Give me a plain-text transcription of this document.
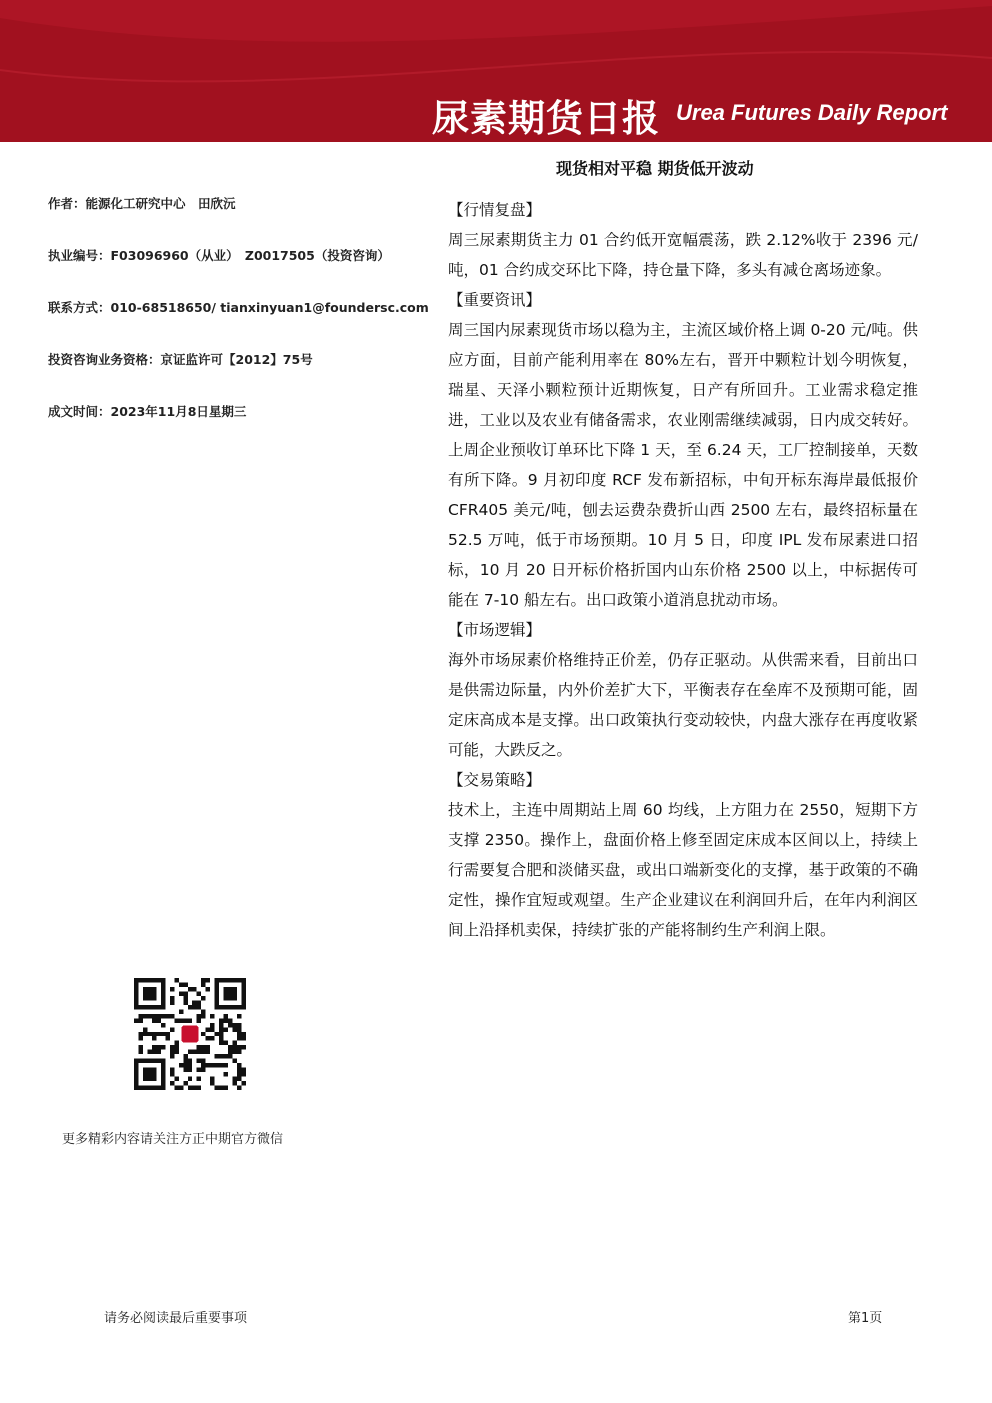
尿素期货日报 Urea Futures Daily Report
现货相对平稳 期货低开波动
作者：能源化工研究中心　田欣沅
执业编号：F03096960（从业）　Z0017505（投资咨询）
联系方式：010-68518650/ tianxinyuan1@foundersc.com
投资咨询业务资格：京证监许可【2012】75号
成文时间：2023年11月8日星期三
【行情复盘】
周三尿素期货主力 01 合约低开宽幅震荡，跌 2.12%收于 2396 元/吨，01 合约成交环比下降，持仓量下降，多头有减仓离场迹象。
【重要资讯】
周三国内尿素现货市场以稳为主，主流区域价格上调 0-20 元/吨。供应方面，目前产能利用率在 80%左右，晋开中颗粒计划今明恢复，瑞星、天泽小颗粒预计近期恢复，日产有所回升。工业需求稳定推进，工业以及农业有储备需求，农业刚需继续减弱，日内成交转好。上周企业预收订单环比下降 1 天，至 6.24 天，工厂控制接单，天数有所下降。9 月初印度 RCF 发布新招标，中旬开标东海岸最低报价 CFR405 美元/吨，刨去运费杂费折山西 2500 左右，最终招标量在 52.5 万吨，低于市场预期。10 月 5 日，印度 IPL 发布尿素进口招标，10 月 20 日开标价格折国内山东价格 2500 以上，中标据传可能在 7-10 船左右。出口政策小道消息扰动市场。
【市场逻辑】
海外市场尿素价格维持正价差，仍存正驱动。从供需来看，目前出口是供需边际量，内外价差扩大下，平衡表存在垒库不及预期可能，固定床高成本是支撑。出口政策执行变动较快，内盘大涨存在再度收紧可能，大跌反之。
【交易策略】
技术上，主连中周期站上周 60 均线，上方阻力在 2550，短期下方支撑 2350。操作上，盘面价格上修至固定床成本区间以上，持续上行需要复合肥和淡储买盘，或出口端新变化的支撑，基于政策的不确定性，操作宜短或观望。生产企业建议在利润回升后，在年内利润区间上沿择机卖保，持续扩张的产能将制约生产利润上限。
更多精彩内容请关注方正中期官方微信
请务必阅读最后重要事项	第1页
